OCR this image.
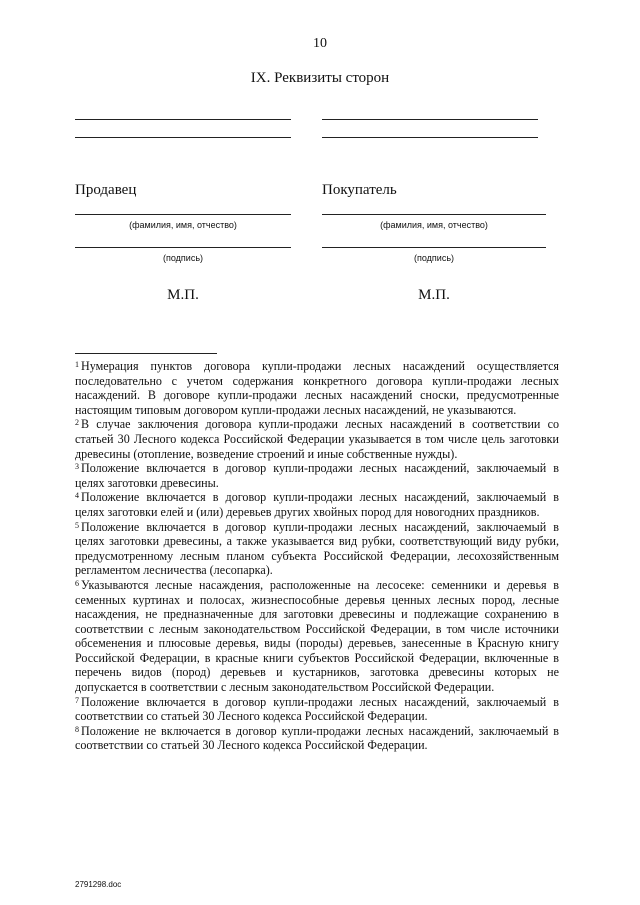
10
IX. Реквизиты сторон
Продавец
(фамилия, имя, отчество)
(подпись)
М.П.
Покупатель
(фамилия, имя, отчество)
(подпись)
М.П.

$^1$ Нумерация пунктов договора купли-продажи лесных насаждений осуществляется последовательно с учетом содержания конкретного договора купли-продажи лесных насаждений. В договоре купли-продажи лесных насаждений сноски, предусмотренные настоящим типовым договором купли-продажи лесных насаждений, не указываются.

$^2$ В случае заключения договора купли-продажи лесных насаждений в соответствии со статьей 30 Лесного кодекса Российской Федерации указывается в том числе цель заготовки древесины (отопление, возведение строений и иные собственные нужды).

$^3$ Положение включается в договор купли-продажи лесных насаждений, заключаемый в целях заготовки древесины.

$^4$ Положение включается в договор купли-продажи лесных насаждений, заключаемый в целях заготовки елей и (или) деревьев других хвойных пород для новогодних праздников.

$^5$ Положение включается в договор купли-продажи лесных насаждений, заключаемый в целях заготовки древесины, а также указывается вид рубки, соответствующий виду рубки, предусмотренному лесным планом субъекта Российской Федерации, лесохозяйственным регламентом лесничества (лесопарка).

$^6$ Указываются лесные насаждения, расположенные на лесосеке: семенники и деревья в семенных куртинах и полосах, жизнеспособные деревья ценных лесных пород, лесные насаждения, не предназначенные для заготовки древесины и подлежащие сохранению в соответствии с лесным законодательством Российской Федерации, в том числе источники обсеменения и плюсовые деревья, виды (породы) деревьев, занесенные в Красную книгу Российской Федерации, в красные книги субъектов Российской Федерации, включенные в перечень видов (пород) деревьев и кустарников, заготовка древесины которых не допускается в соответствии с лесным законодательством Российской Федерации.

$^7$ Положение включается в договор купли-продажи лесных насаждений, заключаемый в соответствии со статьей 30 Лесного кодекса Российской Федерации.

$^8$ Положение не включается в договор купли-продажи лесных насаждений, заключаемый в соответствии со статьей 30 Лесного кодекса Российской Федерации.

2791298.doc
